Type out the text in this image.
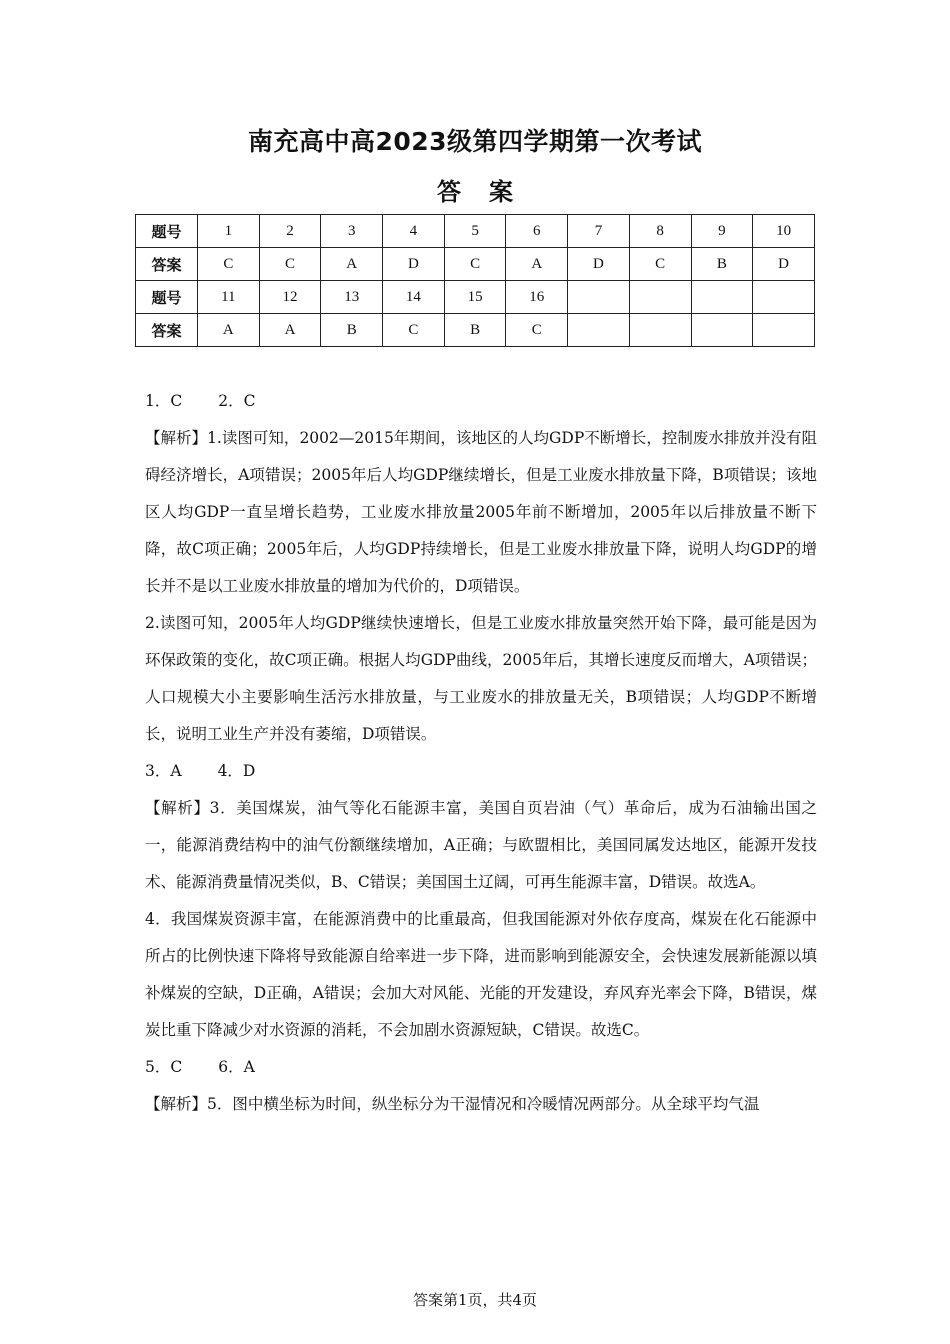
南充高中高2023级第四学期第一次考试
答案
题号	1	2	3	4	5	6	7	8	9	10
答案	C	C	A	D	C	A	D	C	B	D
题号	11	12	13	14	15	16				
答案	A	A	B	C	B	C				

1．C 2．C

【解析】1.读图可知，2002—2015年期间，该地区的人均GDP不断增长，控制废水排放并没有阻碍经济增长，A项错误；2005年后人均GDP继续增长，但是工业废水排放量下降，B项错误；该地区人均GDP一直呈增长趋势，工业废水排放量2005年前不断增加，2005年以后排放量不断下降，故C项正确；2005年后，人均GDP持续增长，但是工业废水排放量下降，说明人均GDP的增长并不是以工业废水排放量的增加为代价的，D项错误。

2.读图可知，2005年人均GDP继续快速增长，但是工业废水排放量突然开始下降，最可能是因为环保政策的变化，故C项正确。根据人均GDP曲线，2005年后，其增长速度反而增大，A项错误；人口规模大小主要影响生活污水排放量，与工业废水的排放量无关，B项错误；人均GDP不断增长，说明工业生产并没有萎缩，D项错误。

3．A 4．D

【解析】3．美国煤炭，油气等化石能源丰富，美国自页岩油（气）革命后，成为石油输出国之一，能源消费结构中的油气份额继续增加，A正确；与欧盟相比，美国同属发达地区，能源开发技术、能源消费量情况类似，B、C错误；美国国土辽阔，可再生能源丰富，D错误。故选A。

4．我国煤炭资源丰富，在能源消费中的比重最高，但我国能源对外依存度高，煤炭在化石能源中所占的比例快速下降将导致能源自给率进一步下降，进而影响到能源安全，会快速发展新能源以填补煤炭的空缺，D正确，A错误；会加大对风能、光能的开发建设，弃风弃光率会下降，B错误，煤炭比重下降减少对水资源的消耗，不会加剧水资源短缺，C错误。故选C。

5．C 6．A

【解析】5．图中横坐标为时间，纵坐标分为干湿情况和冷暖情况两部分。从全球平均气温

答案第1页，共4页
